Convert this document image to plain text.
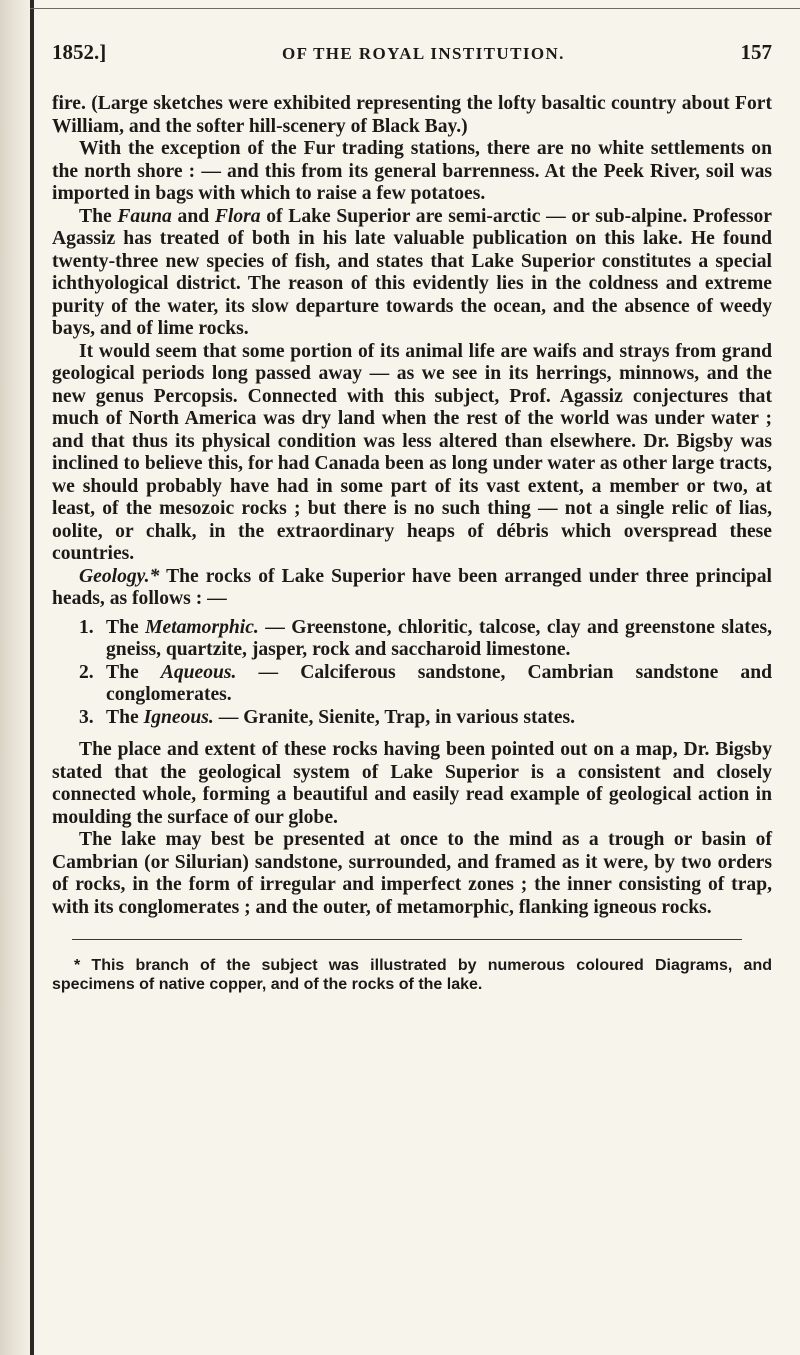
1852.]	OF THE ROYAL INSTITUTION.	157

fire. (Large sketches were exhibited representing the lofty basaltic country about Fort William, and the softer hill-scenery of Black Bay.)

With the exception of the Fur trading stations, there are no white settlements on the north shore : — and this from its general barrenness. At the Peek River, soil was imported in bags with which to raise a few potatoes.

The Fauna and Flora of Lake Superior are semi-arctic — or sub-alpine. Professor Agassiz has treated of both in his late valuable publication on this lake. He found twenty-three new species of fish, and states that Lake Superior constitutes a special ichthyological district. The reason of this evidently lies in the coldness and extreme purity of the water, its slow departure towards the ocean, and the absence of weedy bays, and of lime rocks.

It would seem that some portion of its animal life are waifs and strays from grand geological periods long passed away — as we see in its herrings, minnows, and the new genus Percopsis. Connected with this subject, Prof. Agassiz conjectures that much of North America was dry land when the rest of the world was under water ; and that thus its physical condition was less altered than elsewhere. Dr. Bigsby was inclined to believe this, for had Canada been as long under water as other large tracts, we should probably have had in some part of its vast extent, a member or two, at least, of the mesozoic rocks ; but there is no such thing — not a single relic of lias, oolite, or chalk, in the extraordinary heaps of débris which overspread these countries.

Geology.* The rocks of Lake Superior have been arranged under three principal heads, as follows : —

1. The Metamorphic. — Greenstone, chloritic, talcose, clay and greenstone slates, gneiss, quartzite, jasper, rock and saccharoid limestone.
2. The Aqueous. — Calciferous sandstone, Cambrian sandstone and conglomerates.
3. The Igneous. — Granite, Sienite, Trap, in various states.

The place and extent of these rocks having been pointed out on a map, Dr. Bigsby stated that the geological system of Lake Superior is a consistent and closely connected whole, forming a beautiful and easily read example of geological action in moulding the surface of our globe.

The lake may best be presented at once to the mind as a trough or basin of Cambrian (or Silurian) sandstone, surrounded, and framed as it were, by two orders of rocks, in the form of irregular and imperfect zones ; the inner consisting of trap, with its conglomerates ; and the outer, of metamorphic, flanking igneous rocks.

* This branch of the subject was illustrated by numerous coloured Diagrams, and specimens of native copper, and of the rocks of the lake.
